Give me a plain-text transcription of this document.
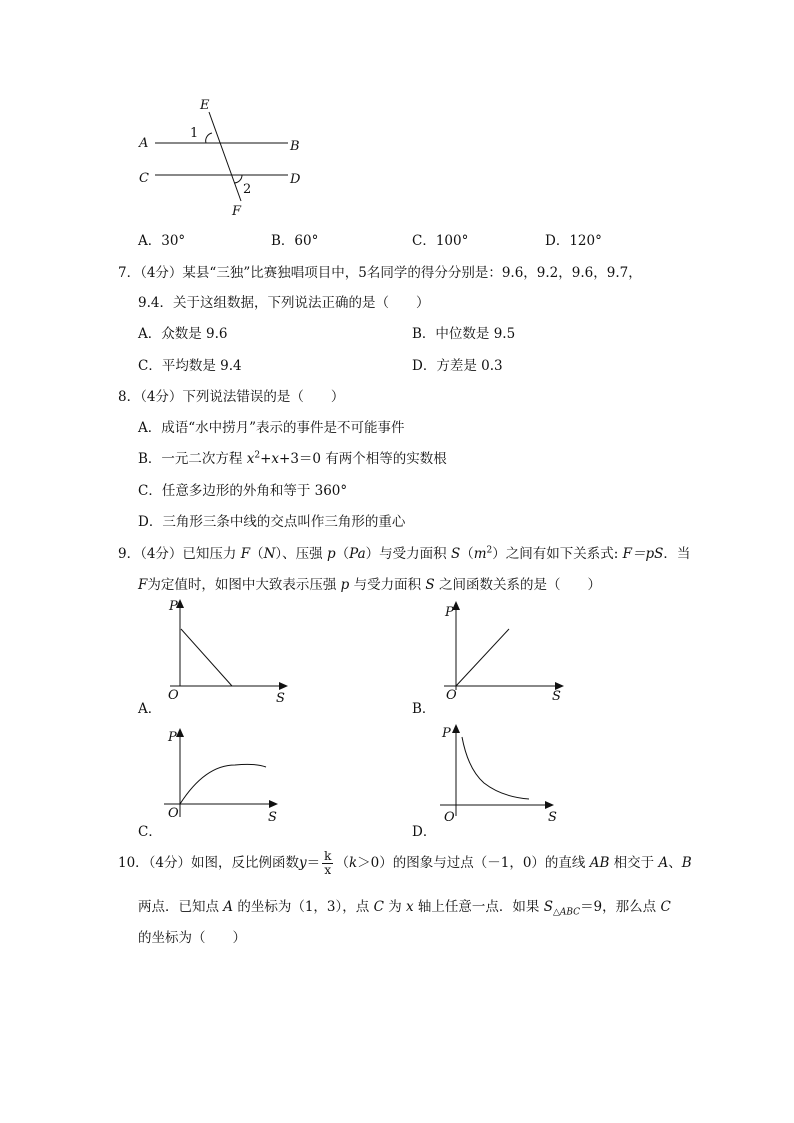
E
A	B
C	D
F
1
2
A．30°	B．60°	C．100°	D．120°
7．（4分）某县“三独”比赛独唱项目中，5名同学的得分分别是：9.6，9.2，9.6，9.7，
9.4．关于这组数据，下列说法正确的是（　　）
A．众数是 9.6	B．中位数是 9.5
C．平均数是 9.4	D．方差是 0.3
8．（4分）下列说法错误的是（　　）
A．成语“水中捞月”表示的事件是不可能事件
B．一元二次方程 $x^2+x+3=0$ 有两个相等的实数根
C．任意多边形的外角和等于 360°
D．三角形三条中线的交点叫作三角形的重心
9．（4分）已知压力 F（N）、压强 p（Pa）与受力面积 $S(m^2)$之间有如下关系式: F＝pS．当
F为定值时，如图中大致表示压强 p 与受力面积 S 之间函数关系的是（　　）
P
O	S
A．
P
O	S
B．
P
O	S
C．
P
O	S
D．
10．（4分）如图，反比例函数$y= \frac{k}{x} (k>0)$的图象与过点（－1，0）的直线 AB 相交于 A、B
两点．已知点 A 的坐标为（1，3），点 C 为 x 轴上任意一点．如果 $S_{\triangle ABC}=9$，那么点 C
的坐标为（　　）
